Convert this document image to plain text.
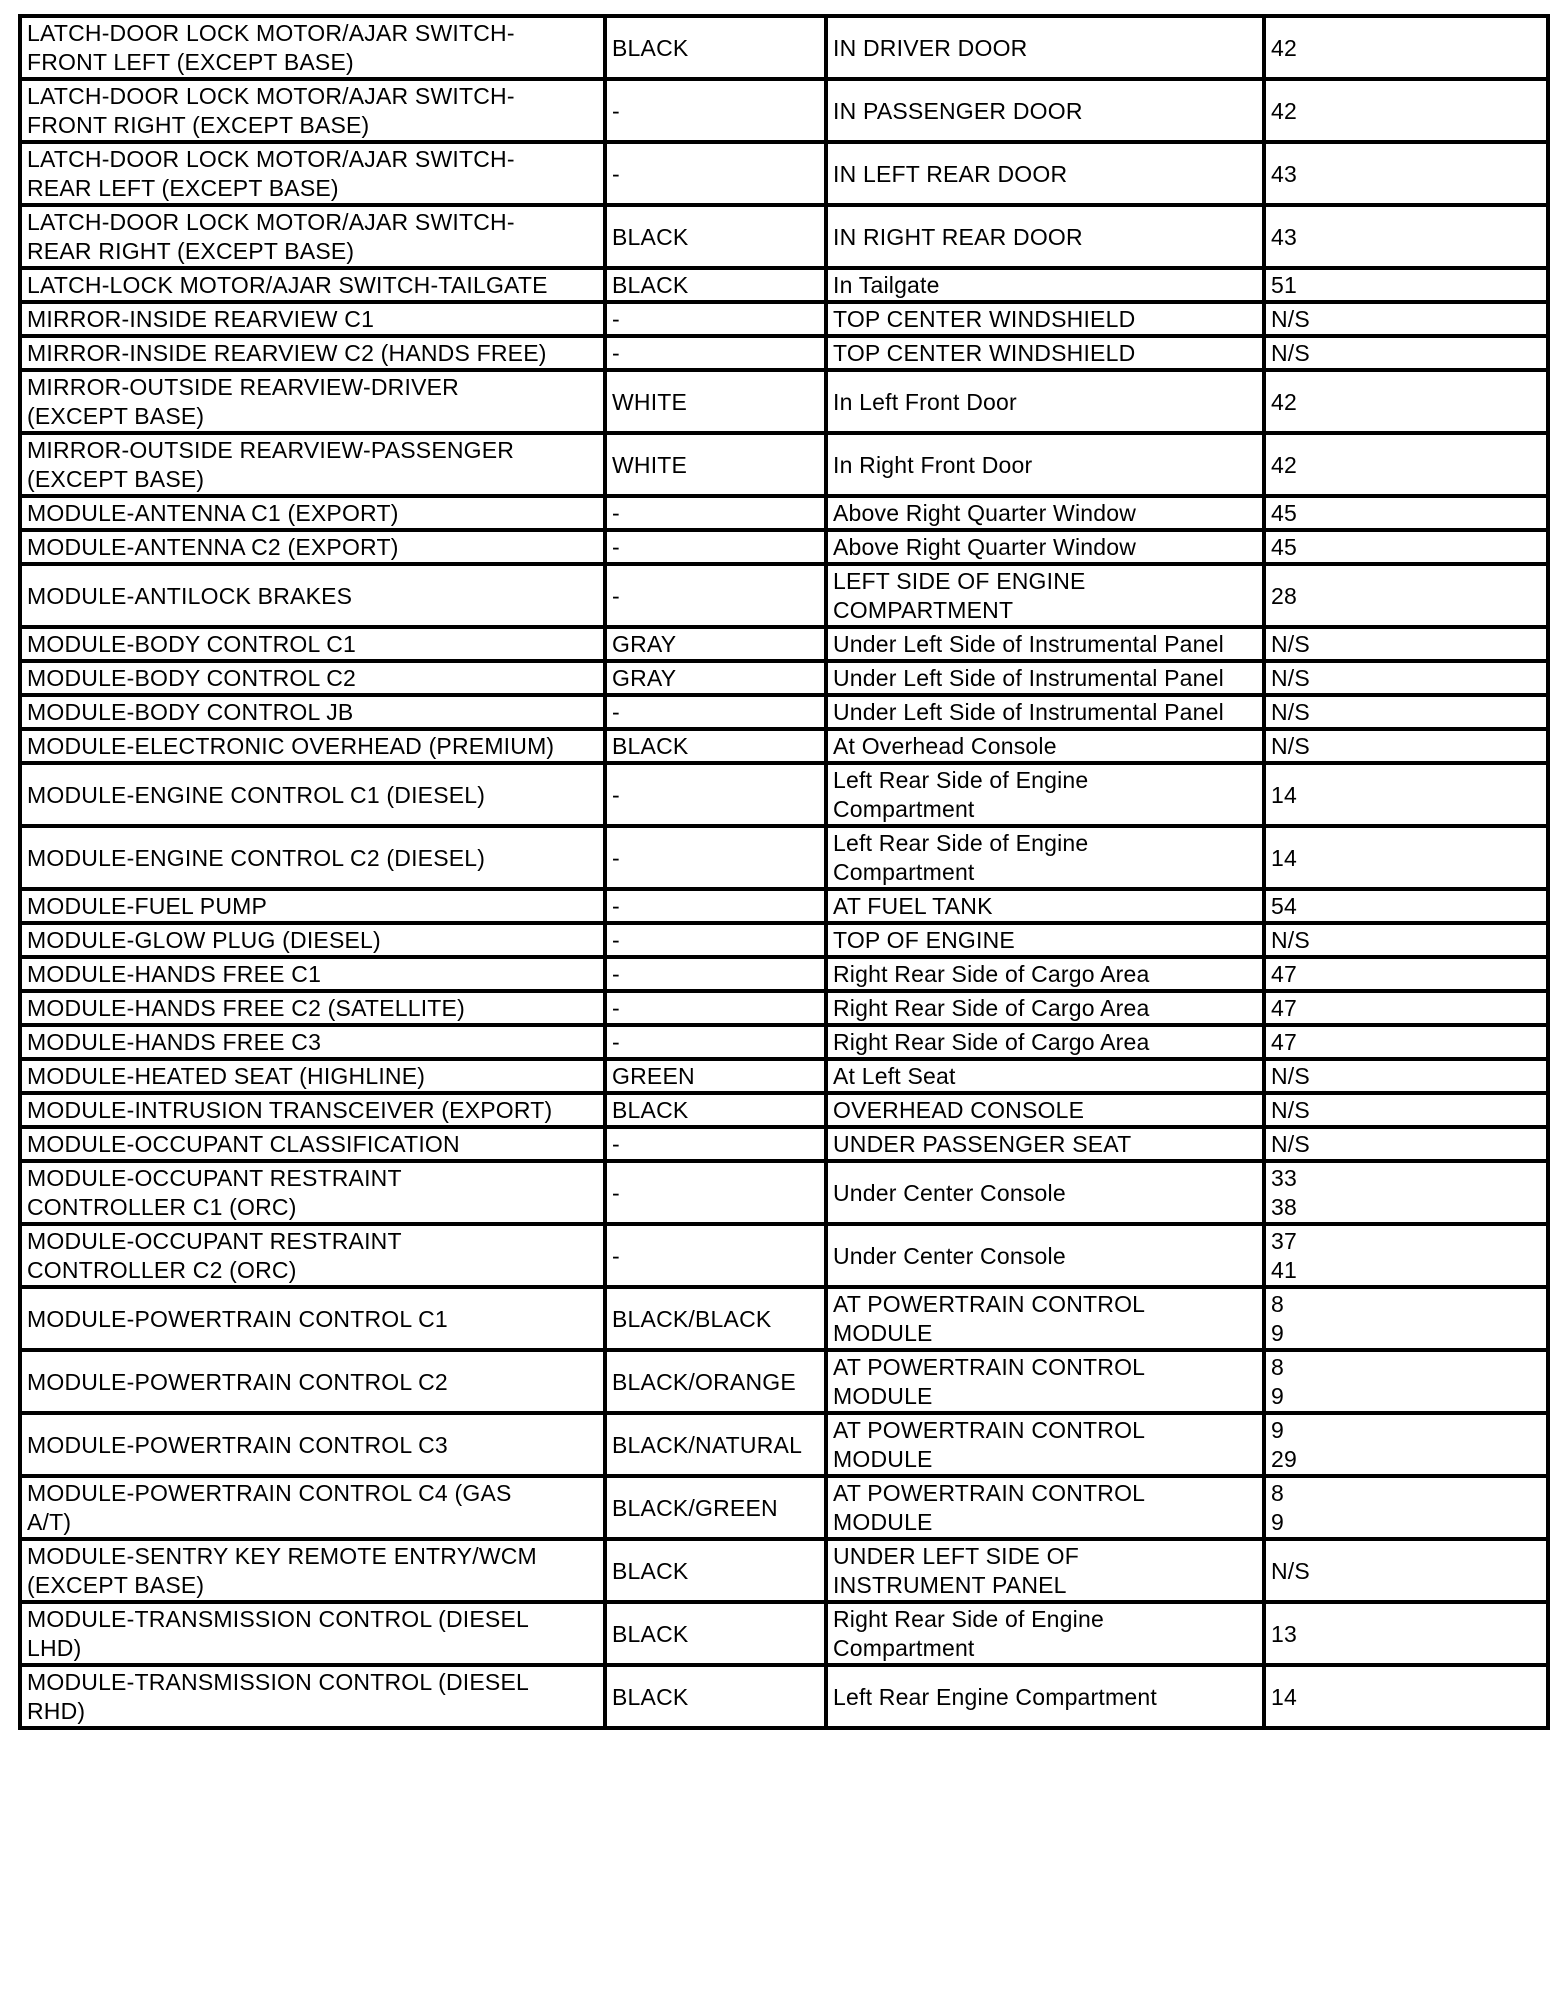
LATCH-DOOR LOCK MOTOR/AJAR SWITCH-
FRONT LEFT (EXCEPT BASE)	BLACK	IN DRIVER DOOR	42
LATCH-DOOR LOCK MOTOR/AJAR SWITCH-
FRONT RIGHT (EXCEPT BASE)	-	IN PASSENGER DOOR	42
LATCH-DOOR LOCK MOTOR/AJAR SWITCH-
REAR LEFT (EXCEPT BASE)	-	IN LEFT REAR DOOR	43
LATCH-DOOR LOCK MOTOR/AJAR SWITCH-
REAR RIGHT (EXCEPT BASE)	BLACK	IN RIGHT REAR DOOR	43
LATCH-LOCK MOTOR/AJAR SWITCH-TAILGATE	BLACK	In Tailgate	51
MIRROR-INSIDE REARVIEW C1	-	TOP CENTER WINDSHIELD	N/S
MIRROR-INSIDE REARVIEW C2 (HANDS FREE)	-	TOP CENTER WINDSHIELD	N/S
MIRROR-OUTSIDE REARVIEW-DRIVER
(EXCEPT BASE)	WHITE	In Left Front Door	42
MIRROR-OUTSIDE REARVIEW-PASSENGER
(EXCEPT BASE)	WHITE	In Right Front Door	42
MODULE-ANTENNA C1 (EXPORT)	-	Above Right Quarter Window	45
MODULE-ANTENNA C2 (EXPORT)	-	Above Right Quarter Window	45
MODULE-ANTILOCK BRAKES	-	LEFT SIDE OF ENGINE
COMPARTMENT	28
MODULE-BODY CONTROL C1	GRAY	Under Left Side of Instrumental Panel	N/S
MODULE-BODY CONTROL C2	GRAY	Under Left Side of Instrumental Panel	N/S
MODULE-BODY CONTROL JB	-	Under Left Side of Instrumental Panel	N/S
MODULE-ELECTRONIC OVERHEAD (PREMIUM)	BLACK	At Overhead Console	N/S
MODULE-ENGINE CONTROL C1 (DIESEL)	-	Left Rear Side of Engine
Compartment	14
MODULE-ENGINE CONTROL C2 (DIESEL)	-	Left Rear Side of Engine
Compartment	14
MODULE-FUEL PUMP	-	AT FUEL TANK	54
MODULE-GLOW PLUG (DIESEL)	-	TOP OF ENGINE	N/S
MODULE-HANDS FREE C1	-	Right Rear Side of Cargo Area	47
MODULE-HANDS FREE C2 (SATELLITE)	-	Right Rear Side of Cargo Area	47
MODULE-HANDS FREE C3	-	Right Rear Side of Cargo Area	47
MODULE-HEATED SEAT (HIGHLINE)	GREEN	At Left Seat	N/S
MODULE-INTRUSION TRANSCEIVER (EXPORT)	BLACK	OVERHEAD CONSOLE	N/S
MODULE-OCCUPANT CLASSIFICATION	-	UNDER PASSENGER SEAT	N/S
MODULE-OCCUPANT RESTRAINT
CONTROLLER C1 (ORC)	-	Under Center Console	33
38
MODULE-OCCUPANT RESTRAINT
CONTROLLER C2 (ORC)	-	Under Center Console	37
41
MODULE-POWERTRAIN CONTROL C1	BLACK/BLACK	AT POWERTRAIN CONTROL
MODULE	8
9
MODULE-POWERTRAIN CONTROL C2	BLACK/ORANGE	AT POWERTRAIN CONTROL
MODULE	8
9
MODULE-POWERTRAIN CONTROL C3	BLACK/NATURAL	AT POWERTRAIN CONTROL
MODULE	9
29
MODULE-POWERTRAIN CONTROL C4 (GAS
A/T)	BLACK/GREEN	AT POWERTRAIN CONTROL
MODULE	8
9
MODULE-SENTRY KEY REMOTE ENTRY/WCM
(EXCEPT BASE)	BLACK	UNDER LEFT SIDE OF
INSTRUMENT PANEL	N/S
MODULE-TRANSMISSION CONTROL (DIESEL
LHD)	BLACK	Right Rear Side of Engine
Compartment	13
MODULE-TRANSMISSION CONTROL (DIESEL
RHD)	BLACK	Left Rear Engine Compartment	14
